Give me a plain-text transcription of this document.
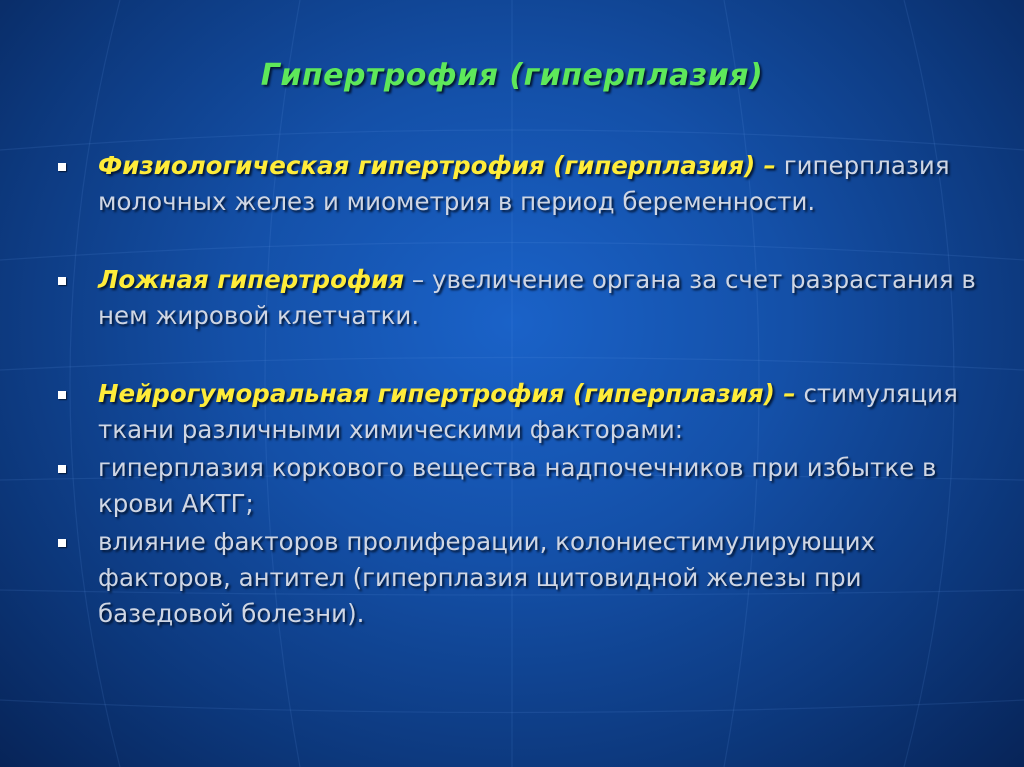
Гипертрофия (гиперплазия)
Физиологическая гипертрофия (гиперплазия) – гиперплазия молочных желез и миометрия в период беременности.
Ложная гипертрофия – увеличение органа за счет разрастания в нем жировой клетчатки.
Нейрогуморальная гипертрофия (гиперплазия) – стимуляция ткани различными химическими факторами:
гиперплазия коркового вещества надпочечников при избытке в крови АКТГ;
влияние факторов пролиферации, колониестимулирующих факторов, антител (гиперплазия щитовидной железы при базедовой болезни).
